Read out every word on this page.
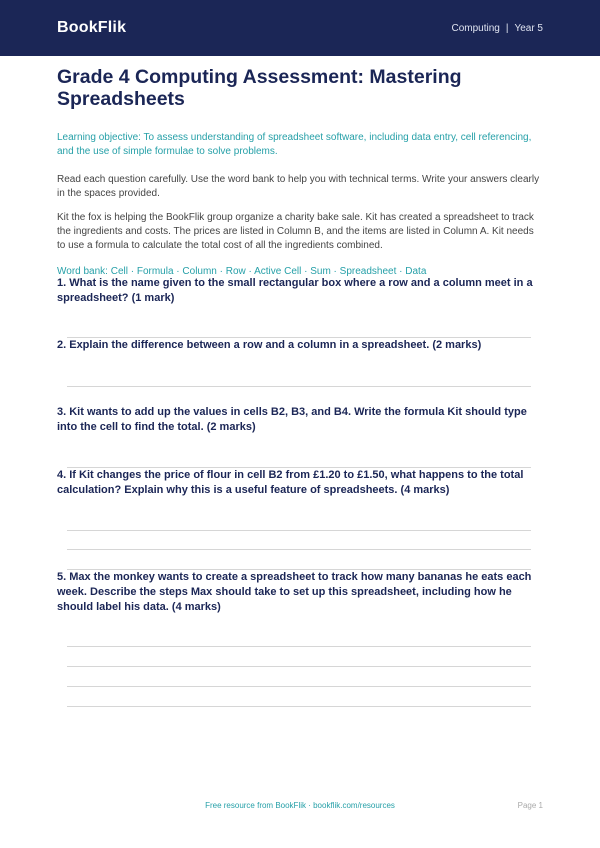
BookFlik	Computing | Year 5
Grade 4 Computing Assessment: Mastering Spreadsheets

Learning objective: To assess understanding of spreadsheet software, including data entry, cell referencing, and the use of simple formulae to solve problems.

Read each question carefully. Use the word bank to help you with technical terms. Write your answers clearly in the spaces provided.

Kit the fox is helping the BookFlik group organize a charity bake sale. Kit has created a spreadsheet to track the ingredients and costs. The prices are listed in Column B, and the items are listed in Column A. Kit needs to use a formula to calculate the total cost of all the ingredients combined.

Word bank: Cell · Formula · Column · Row · Active Cell · Sum · Spreadsheet · Data

1. What is the name given to the small rectangular box where a row and a column meet in a spreadsheet? (1 mark)
2. Explain the difference between a row and a column in a spreadsheet. (2 marks)
3. Kit wants to add up the values in cells B2, B3, and B4. Write the formula Kit should type into the cell to find the total. (2 marks)
4. If Kit changes the price of flour in cell B2 from £1.20 to £1.50, what happens to the total calculation? Explain why this is a useful feature of spreadsheets. (4 marks)
5. Max the monkey wants to create a spreadsheet to track how many bananas he eats each week. Describe the steps Max should take to set up this spreadsheet, including how he should label his data. (4 marks)
Free resource from BookFlik · bookflik.com/resources	Page 1
